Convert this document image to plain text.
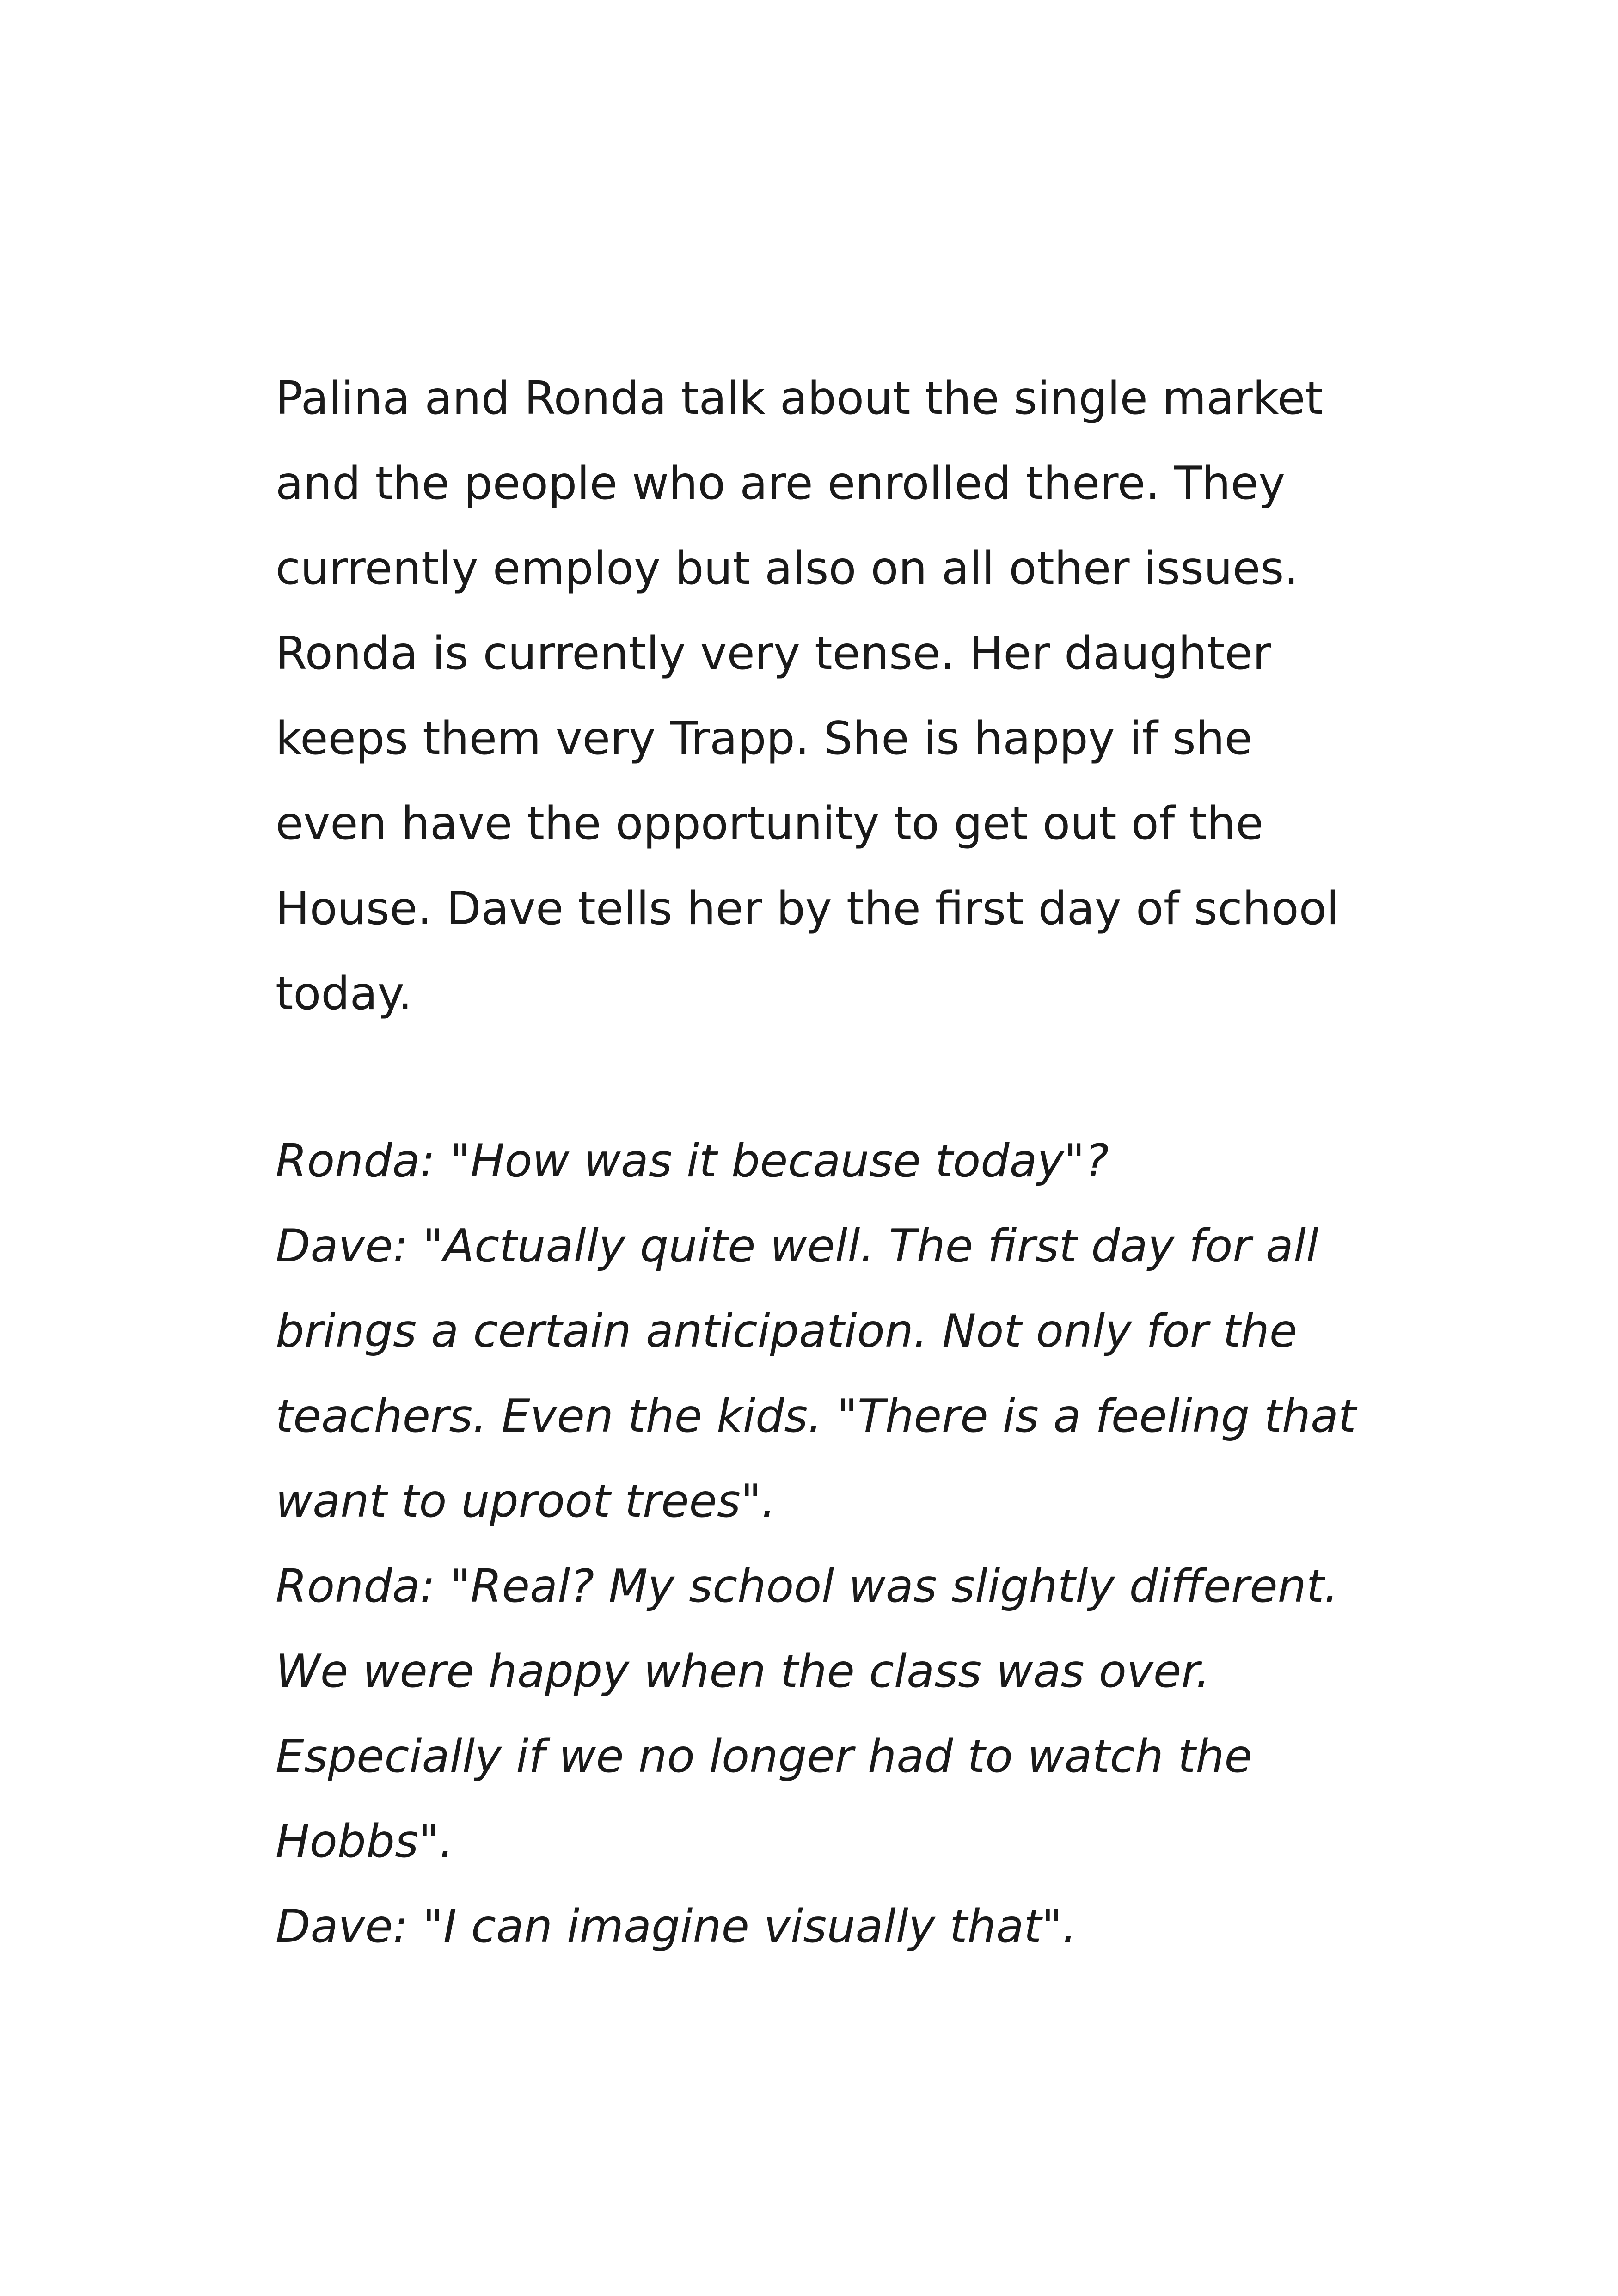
Palina and Ronda talk about the single market
and the people who are enrolled there. They
currently employ but also on all other issues.
Ronda is currently very tense. Her daughter
keeps them very Trapp. She is happy if she
even have the opportunity to get out of the
House. Dave tells her by the first day of school
today.
Ronda: "How was it because today"?
Dave: "Actually quite well. The first day for all
brings a certain anticipation. Not only for the
teachers. Even the kids. "There is a feeling that
want to uproot trees".
Ronda: "Real? My school was slightly different.
We were happy when the class was over.
Especially if we no longer had to watch the
Hobbs".
Dave: "I can imagine visually that".
